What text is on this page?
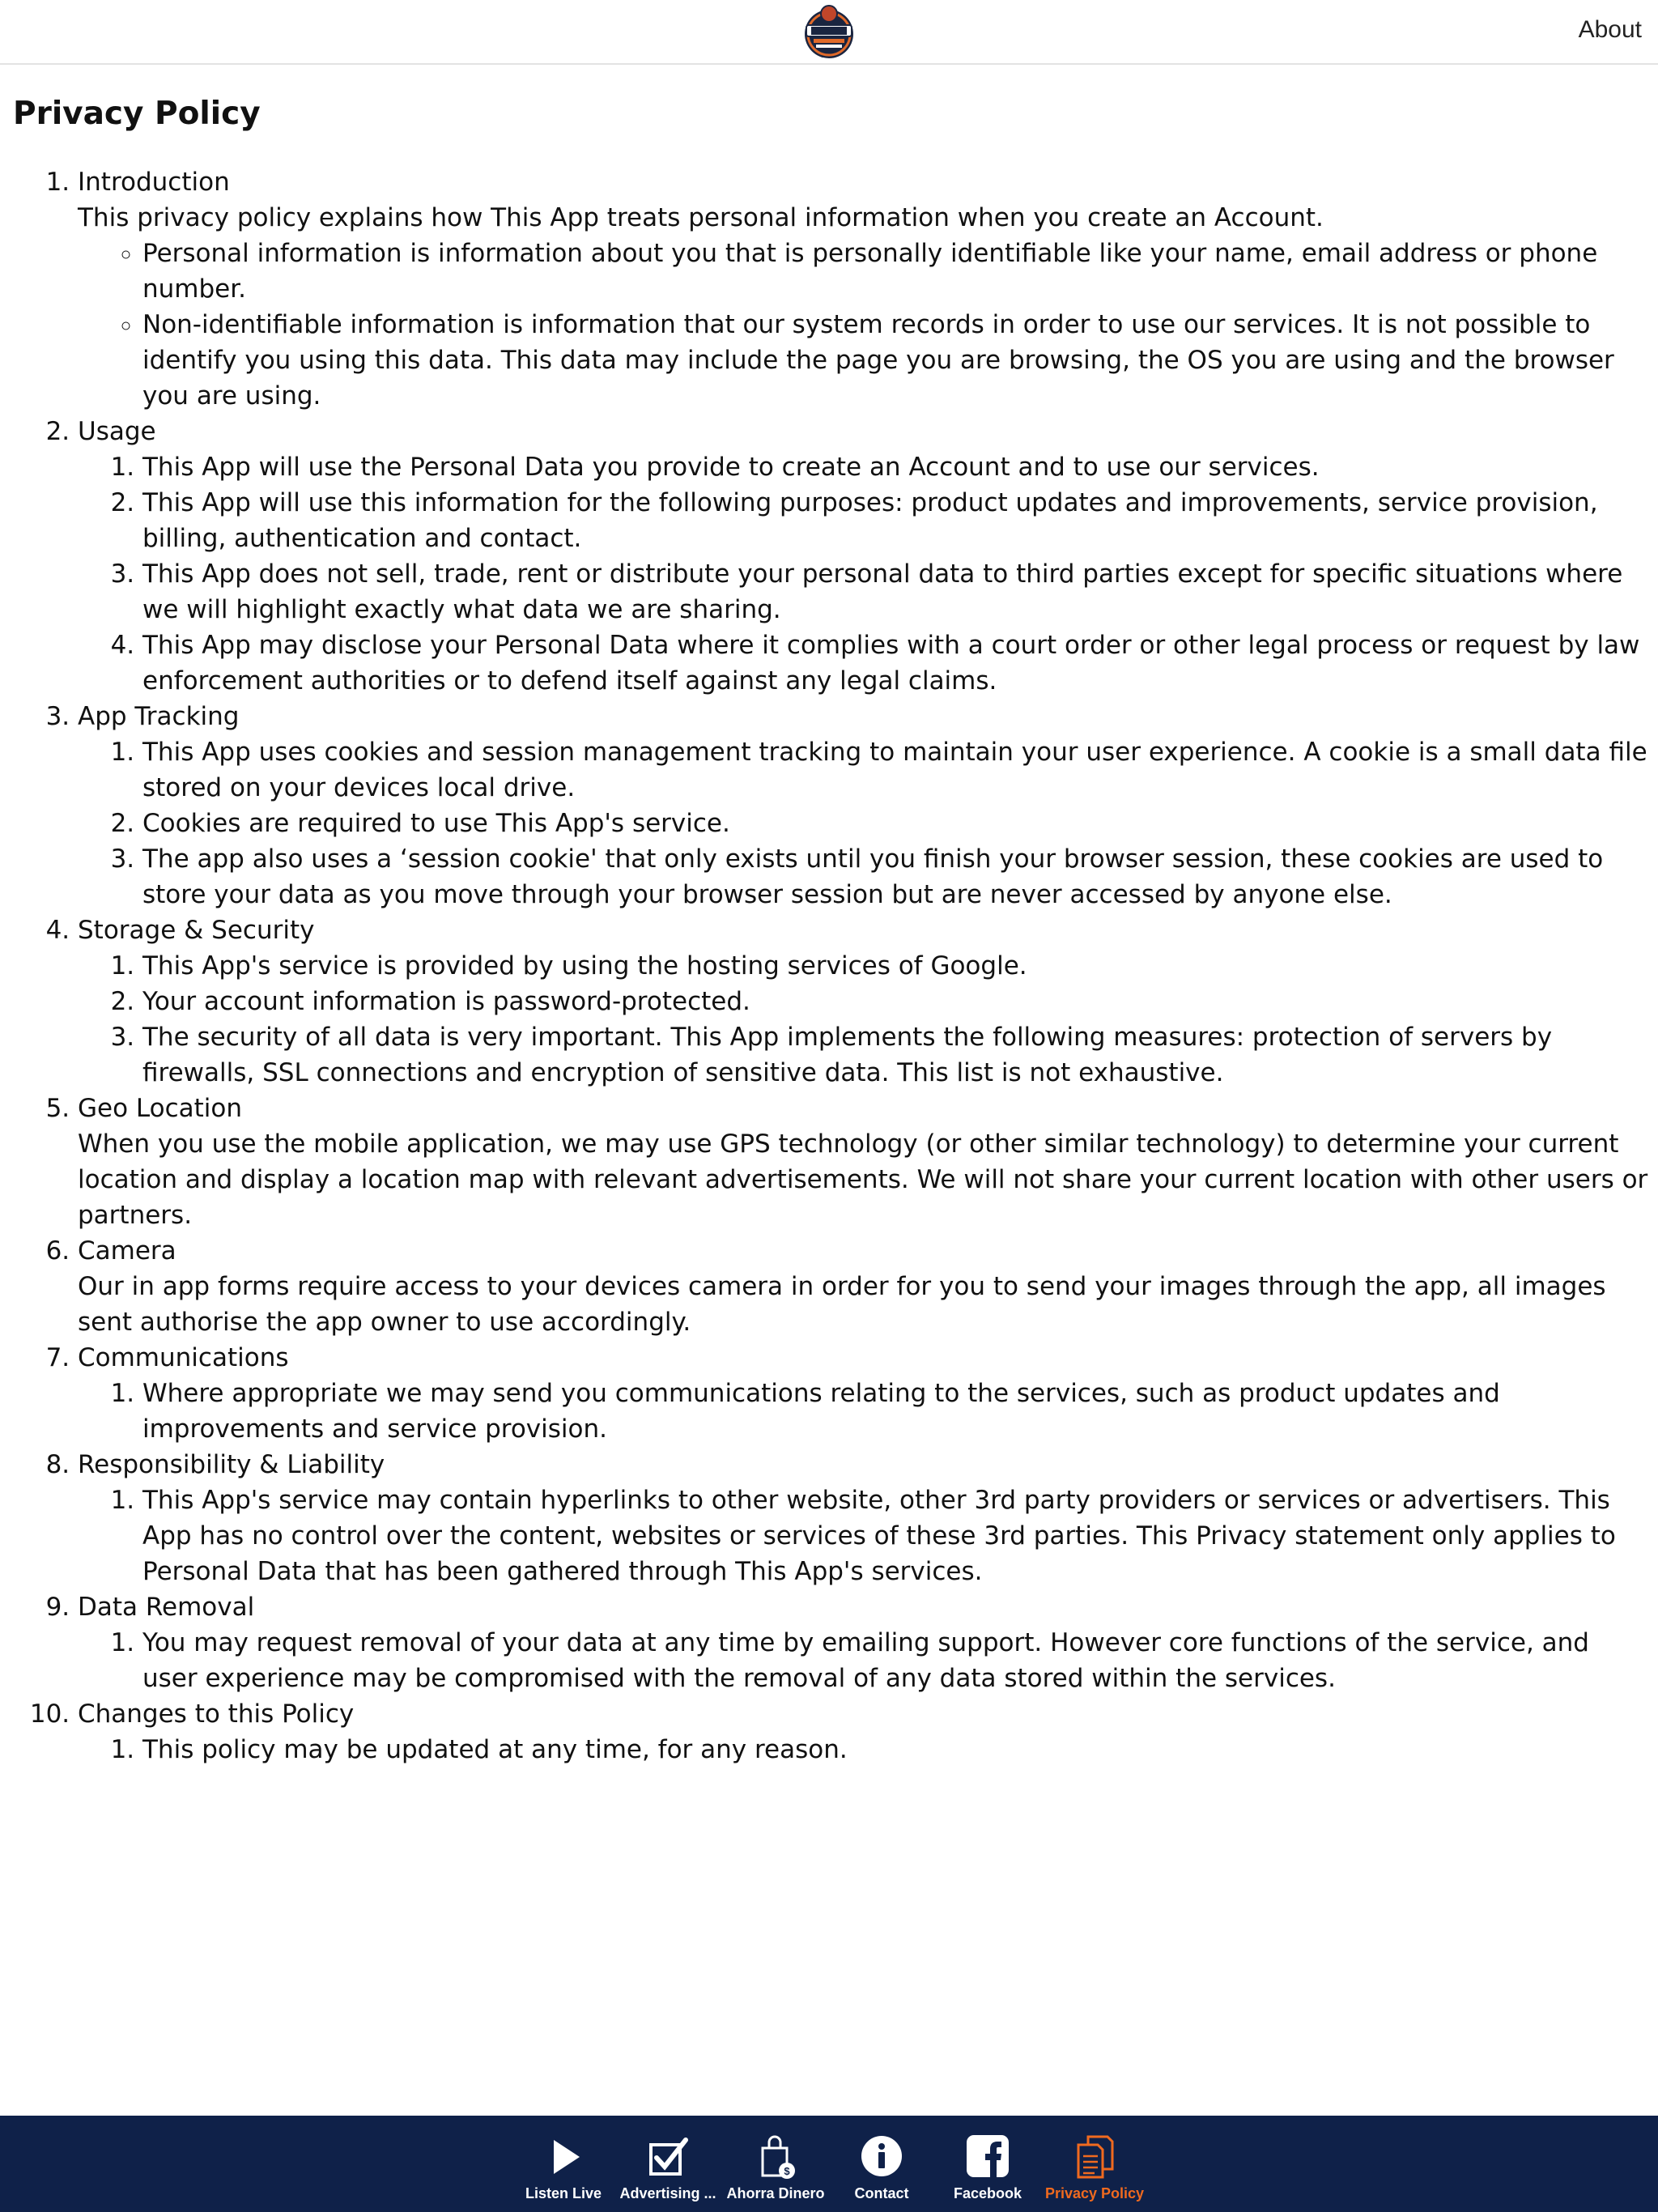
About
Privacy Policy
1. Introduction
This privacy policy explains how This App treats personal information when you create an Account.
◦ Personal information is information about you that is personally identifiable like your name, email address or phone number.
◦ Non-identifiable information is information that our system records in order to use our services. It is not possible to identify you using this data. This data may include the page you are browsing, the OS you are using and the browser you are using.
2. Usage
1. This App will use the Personal Data you provide to create an Account and to use our services.
2. This App will use this information for the following purposes: product updates and improvements, service provision, billing, authentication and contact.
3. This App does not sell, trade, rent or distribute your personal data to third parties except for specific situations where we will highlight exactly what data we are sharing.
4. This App may disclose your Personal Data where it complies with a court order or other legal process or request by law enforcement authorities or to defend itself against any legal claims.
3. App Tracking
1. This App uses cookies and session management tracking to maintain your user experience. A cookie is a small data file stored on your devices local drive.
2. Cookies are required to use This App's service.
3. The app also uses a ‘session cookie' that only exists until you finish your browser session, these cookies are used to store your data as you move through your browser session but are never accessed by anyone else.
4. Storage & Security
1. This App's service is provided by using the hosting services of Google.
2. Your account information is password-protected.
3. The security of all data is very important. This App implements the following measures: protection of servers by firewalls, SSL connections and encryption of sensitive data. This list is not exhaustive.
5. Geo Location
When you use the mobile application, we may use GPS technology (or other similar technology) to determine your current location and display a location map with relevant advertisements. We will not share your current location with other users or partners.
6. Camera
Our in app forms require access to your devices camera in order for you to send your images through the app, all images sent authorise the app owner to use accordingly.
7. Communications
1. Where appropriate we may send you communications relating to the services, such as product updates and improvements and service provision.
8. Responsibility & Liability
1. This App's service may contain hyperlinks to other website, other 3rd party providers or services or advertisers. This App has no control over the content, websites or services of these 3rd parties. This Privacy statement only applies to Personal Data that has been gathered through This App's services.
9. Data Removal
1. You may request removal of your data at any time by emailing support. However core functions of the service, and user experience may be compromised with the removal of any data stored within the services.
10. Changes to this Policy
1. This policy may be updated at any time, for any reason.
Listen Live	Advertising ...
$
Ahorra Dinero	Contact	Facebook	Privacy Policy
